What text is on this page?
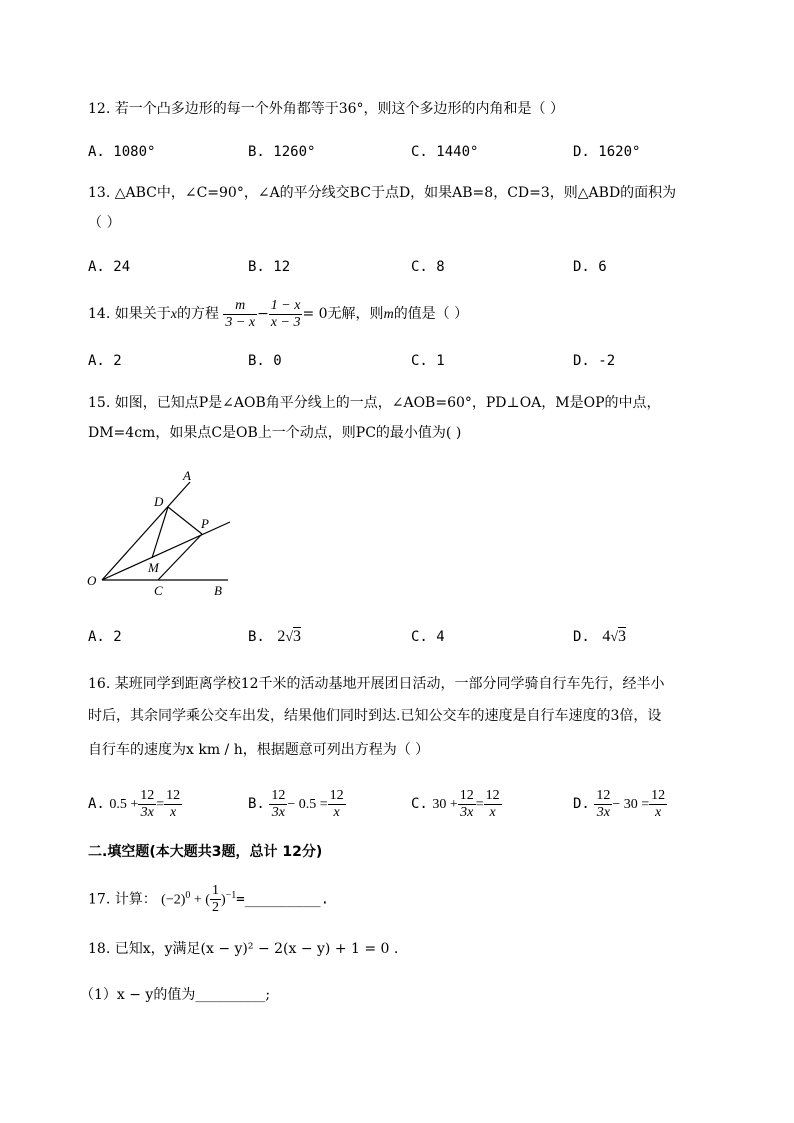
12. 若一个凸多边形的每一个外角都等于36°，则这个多边形的内角和是（ ）
A. 1080°	B. 1260°	C. 1440°	D. 1620°
13. △ABC中，∠C=90°，∠A的平分线交BC于点D，如果AB=8，CD=3，则△ABD的面积为
（ ）
A. 24	B. 12	C. 8	D. 6
14. 如果关于x的方程 $\frac{m}{3 - x} - \frac{1 - x}{x - 3} = 0$无解，则m的值是（ ）
A. 2	B. 0	C. 1	D. -2
15. 如图，已知点P是∠AOB角平分线上的一点，∠AOB=60°，PD⊥OA，M是OP的中点，
DM=4cm，如果点C是OB上一个动点，则PC的最小值为( )
A
D
P
M
O
C	B
A. 2	B. 2√3	C. 4	D. 4√3
16. 某班同学到距离学校12千米的活动基地开展团日活动，一部分同学骑自行车先行，经半小
时后，其余同学乘公交车出发，结果他们同时到达.已知公交车的速度是自行车速度的3倍，设
自行车的速度为x km / h，根据题意可列出方程为（ ）
A. $0.5 + \frac{12}{3x} = \frac{12}{x}$	B. $\frac{12}{3x} - 0.5 = \frac{12}{x}$	C. $30 + \frac{12}{3x} = \frac{12}{x}$	D. $\frac{12}{3x} - 30 = \frac{12}{x}$
二.填空题(本大题共3题，总计 12分)
17. 计算： $(-2)^0$ + ( $\frac{1}{2}$ )$^{-1}$=_________.
18. 已知x，y满足(x − y)² − 2(x − y) + 1 = 0 .
（1）x − y的值为__________;
